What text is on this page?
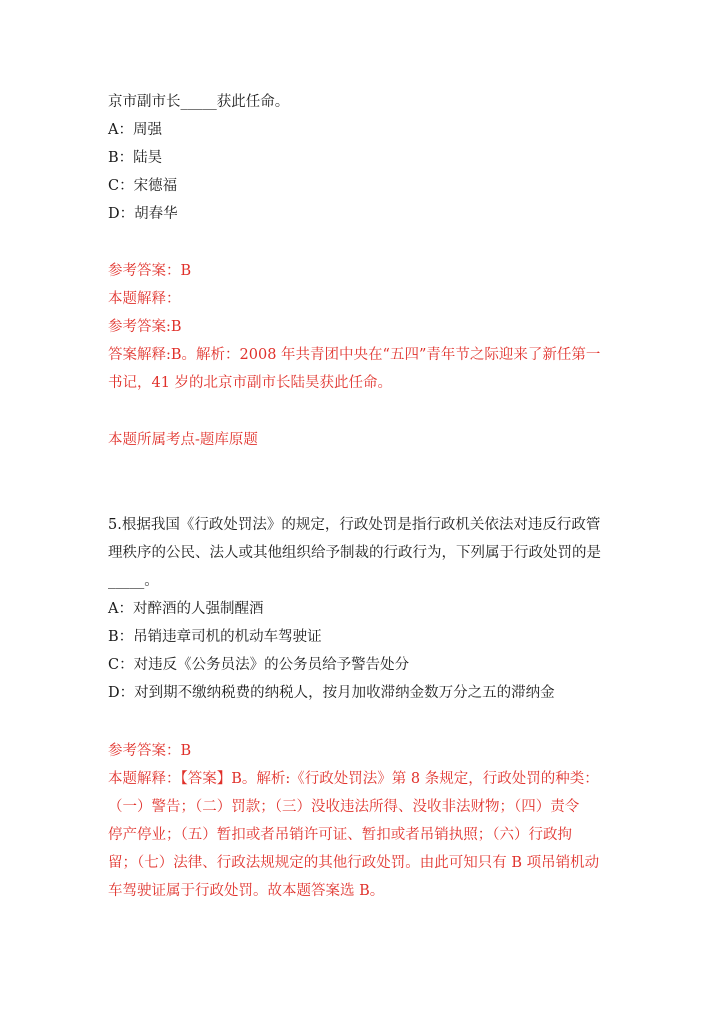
京市副市长_____获此任命。
A：周强
B：陆昊
C：宋德福
D：胡春华
参考答案：B
本题解释：
参考答案:B
答案解释:B。解析：2008 年共青团中央在“五四”青年节之际迎来了新任第一
书记，41 岁的北京市副市长陆昊获此任命。
本题所属考点-题库原题
5.根据我国《行政处罚法》的规定，行政处罚是指行政机关依法对违反行政管
理秩序的公民、法人或其他组织给予制裁的行政行为，下列属于行政处罚的是
_____。
A：对醉酒的人强制醒酒
B：吊销违章司机的机动车驾驶证
C：对违反《公务员法》的公务员给予警告处分
D：对到期不缴纳税费的纳税人，按月加收滞纳金数万分之五的滞纳金
参考答案：B
本题解释：【答案】B。解析:《行政处罚法》第 8 条规定，行政处罚的种类：
（一）警告；（二）罚款；（三）没收违法所得、没收非法财物；（四）责令
停产停业；（五）暂扣或者吊销许可证、暂扣或者吊销执照；（六）行政拘
留；（七）法律、行政法规规定的其他行政处罚。由此可知只有 B 项吊销机动
车驾驶证属于行政处罚。故本题答案选 B。
